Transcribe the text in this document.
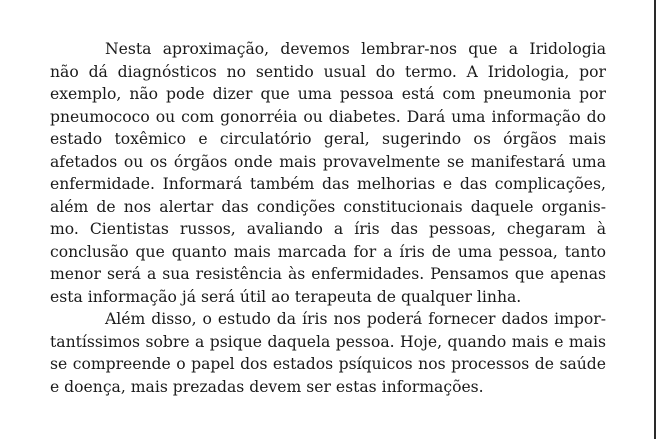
Nesta aproximação, devemos lembrar-nos que a Iridologia
não dá diagnósticos no sentido usual do termo. A Iridologia, por
exemplo, não pode dizer que uma pessoa está com pneumonia por
pneumococo ou com gonorréia ou diabetes. Dará uma informação do
estado toxêmico e circulatório geral, sugerindo os órgãos mais
afetados ou os órgãos onde mais provavelmente se manifestará uma
enfermidade. Informará também das melhorias e das complicações,
além de nos alertar das condições constitucionais daquele organis-
mo. Cientistas russos, avaliando a íris das pessoas, chegaram à
conclusão que quanto mais marcada for a íris de uma pessoa, tanto
menor será a sua resistência às enfermidades. Pensamos que apenas
esta informação já será útil ao terapeuta de qualquer linha.
Além disso, o estudo da íris nos poderá fornecer dados impor-
tantíssimos sobre a psique daquela pessoa. Hoje, quando mais e mais
se compreende o papel dos estados psíquicos nos processos de saúde
e doença, mais prezadas devem ser estas informações.
